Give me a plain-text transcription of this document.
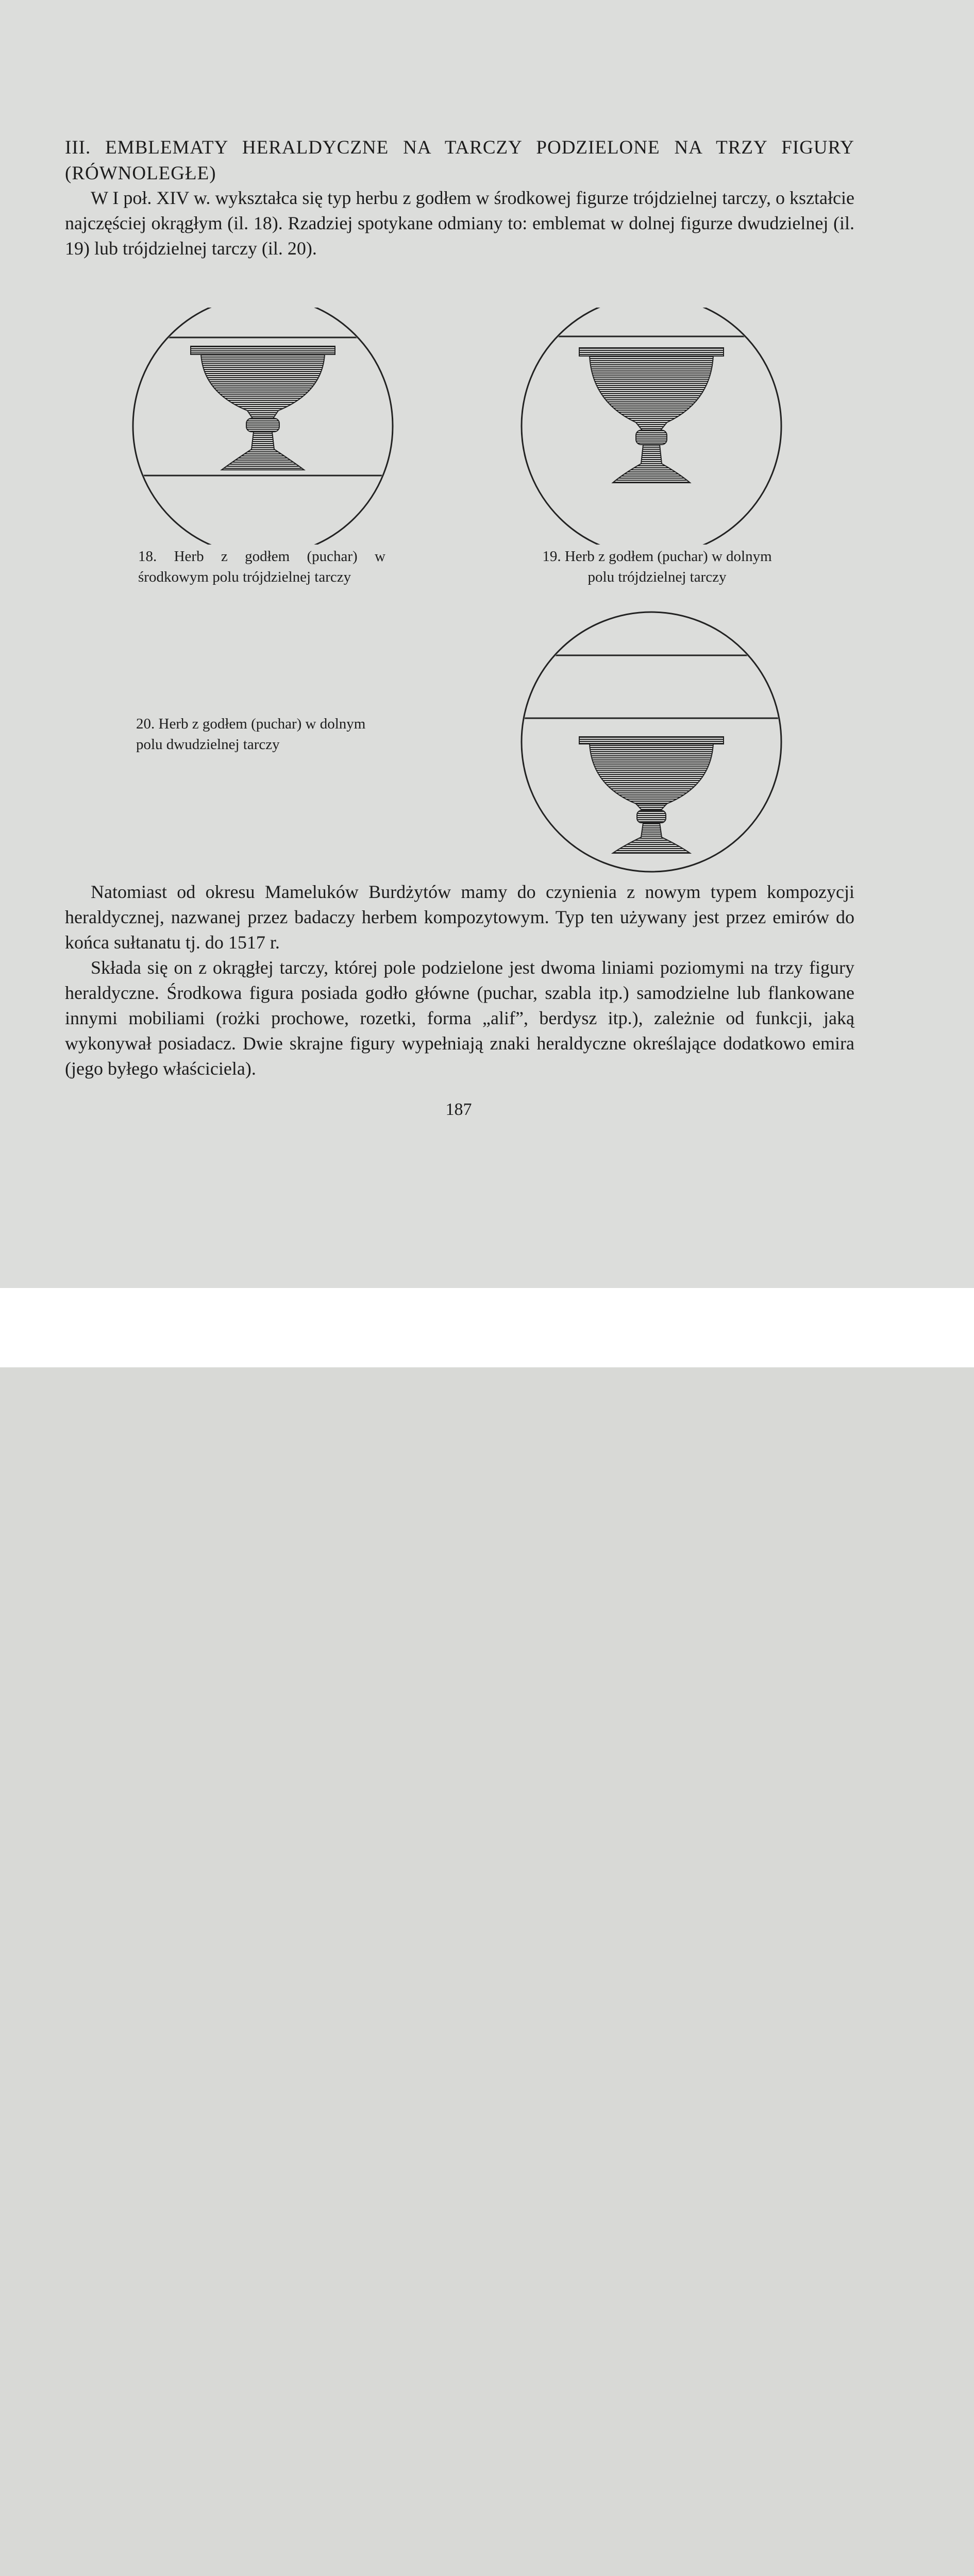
III. EMBLEMATY HERALDYCZNE NA TARCZY PODZIELONE NA TRZY FIGURY (RÓWNOLEGŁE)

W I poł. XIV w. wykształca się typ herbu z godłem w środkowej figurze trójdzielnej tarczy, o kształcie najczęściej okrągłym (il. 18). Rzadziej spotykane odmiany to: emblemat w dolnej figurze dwudzielnej (il. 19) lub trójdzielnej tarczy (il. 20).

18. Herb z godłem (puchar) w środkowym polu trójdzielnej tarczy
19. Herb z godłem (puchar) w dolnym polu trójdzielnej tarczy
20. Herb z godłem (puchar) w dolnym polu dwudzielnej tarczy

Natomiast od okresu Mameluków Burdżytów mamy do czynienia z nowym typem kompozycji heraldycznej, nazwanej przez badaczy herbem kompozytowym. Typ ten używany jest przez emirów do końca sułtanatu tj. do 1517 r.

Składa się on z okrągłej tarczy, której pole podzielone jest dwoma liniami poziomymi na trzy figury heraldyczne. Środkowa figura posiada godło główne (puchar, szabla itp.) samodzielne lub flankowane innymi mobiliami (rożki prochowe, rozetki, forma „alif”, berdysz itp.), zależnie od funkcji, jaką wykonywał posiadacz. Dwie skrajne figury wypełniają znaki heraldyczne określające dodatkowo emira (jego byłego właściciela).

187
